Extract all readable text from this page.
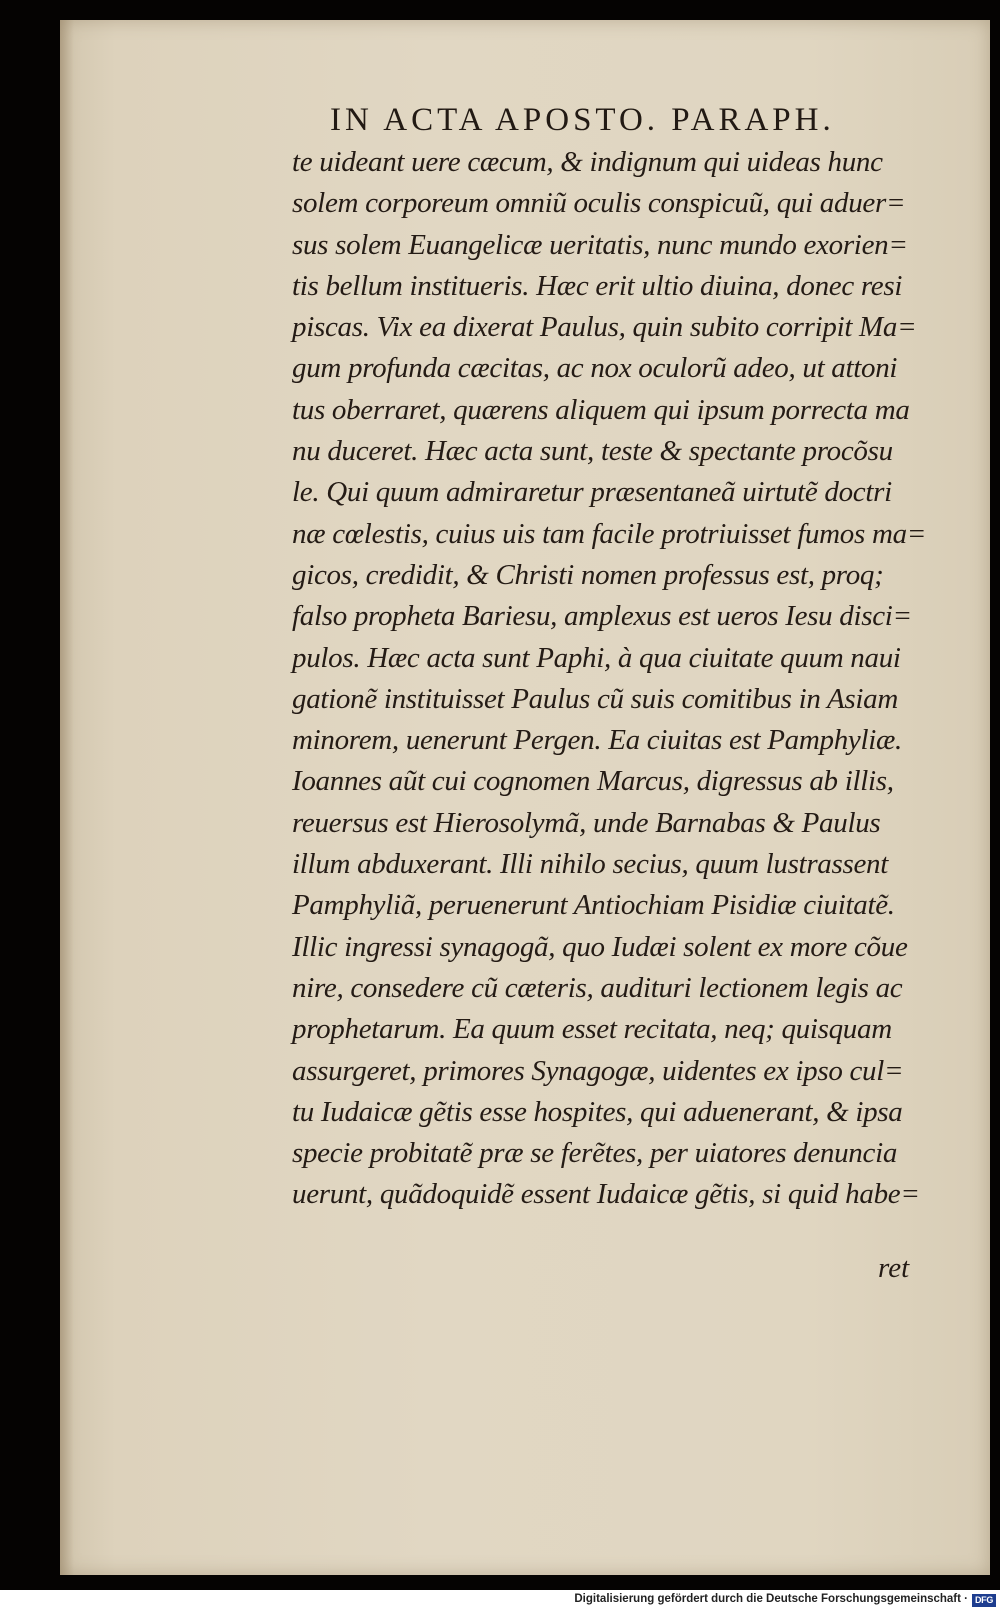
IN ACTA APOSTO. PARAPH.
te uideant uere cæcum, & indignum qui uideas hunc
solem corporeum omniũ oculis conspicuũ, qui aduer=
sus solem Euangelicæ ueritatis, nunc mundo exorien=
tis bellum institueris. Hæc erit ultio diuina, donec resi
piscas. Vix ea dixerat Paulus, quin subito corripit Ma=
gum profunda cæcitas, ac nox oculorũ adeo, ut attoni
tus oberraret, quærens aliquem qui ipsum porrecta ma
nu duceret. Hæc acta sunt, teste & spectante procõsu
le. Qui quum admiraretur præsentaneã uirtutẽ doctri
næ cœlestis, cuius uis tam facile protriuisset fumos ma=
gicos, credidit, & Christi nomen professus est, proq;
falso propheta Bariesu, amplexus est ueros Iesu disci=
pulos. Hæc acta sunt Paphi, à qua ciuitate quum naui
gationẽ instituisset Paulus cũ suis comitibus in Asiam
minorem, uenerunt Pergen. Ea ciuitas est Pamphyliæ.
Ioannes aũt cui cognomen Marcus, digressus ab illis,
reuersus est Hierosolymã, unde Barnabas & Paulus
illum abduxerant. Illi nihilo secius, quum lustrassent
Pamphyliã, peruenerunt Antiochiam Pisidiæ ciuitatẽ.
Illic ingressi synagogã, quo Iudæi solent ex more cõue
nire, consedere cũ cæteris, audituri lectionem legis ac
prophetarum. Ea quum esset recitata, neq; quisquam
assurgeret, primores Synagogæ, uidentes ex ipso cul=
tu Iudaicæ gẽtis esse hospites, qui aduenerant, & ipsa
specie probitatẽ præ se ferẽtes, per uiatores denuncia
uerunt, quãdoquidẽ essent Iudaicæ gẽtis, si quid habe=
ret
Digitalisierung gefördert durch die Deutsche Forschungsgemeinschaft · DFG
